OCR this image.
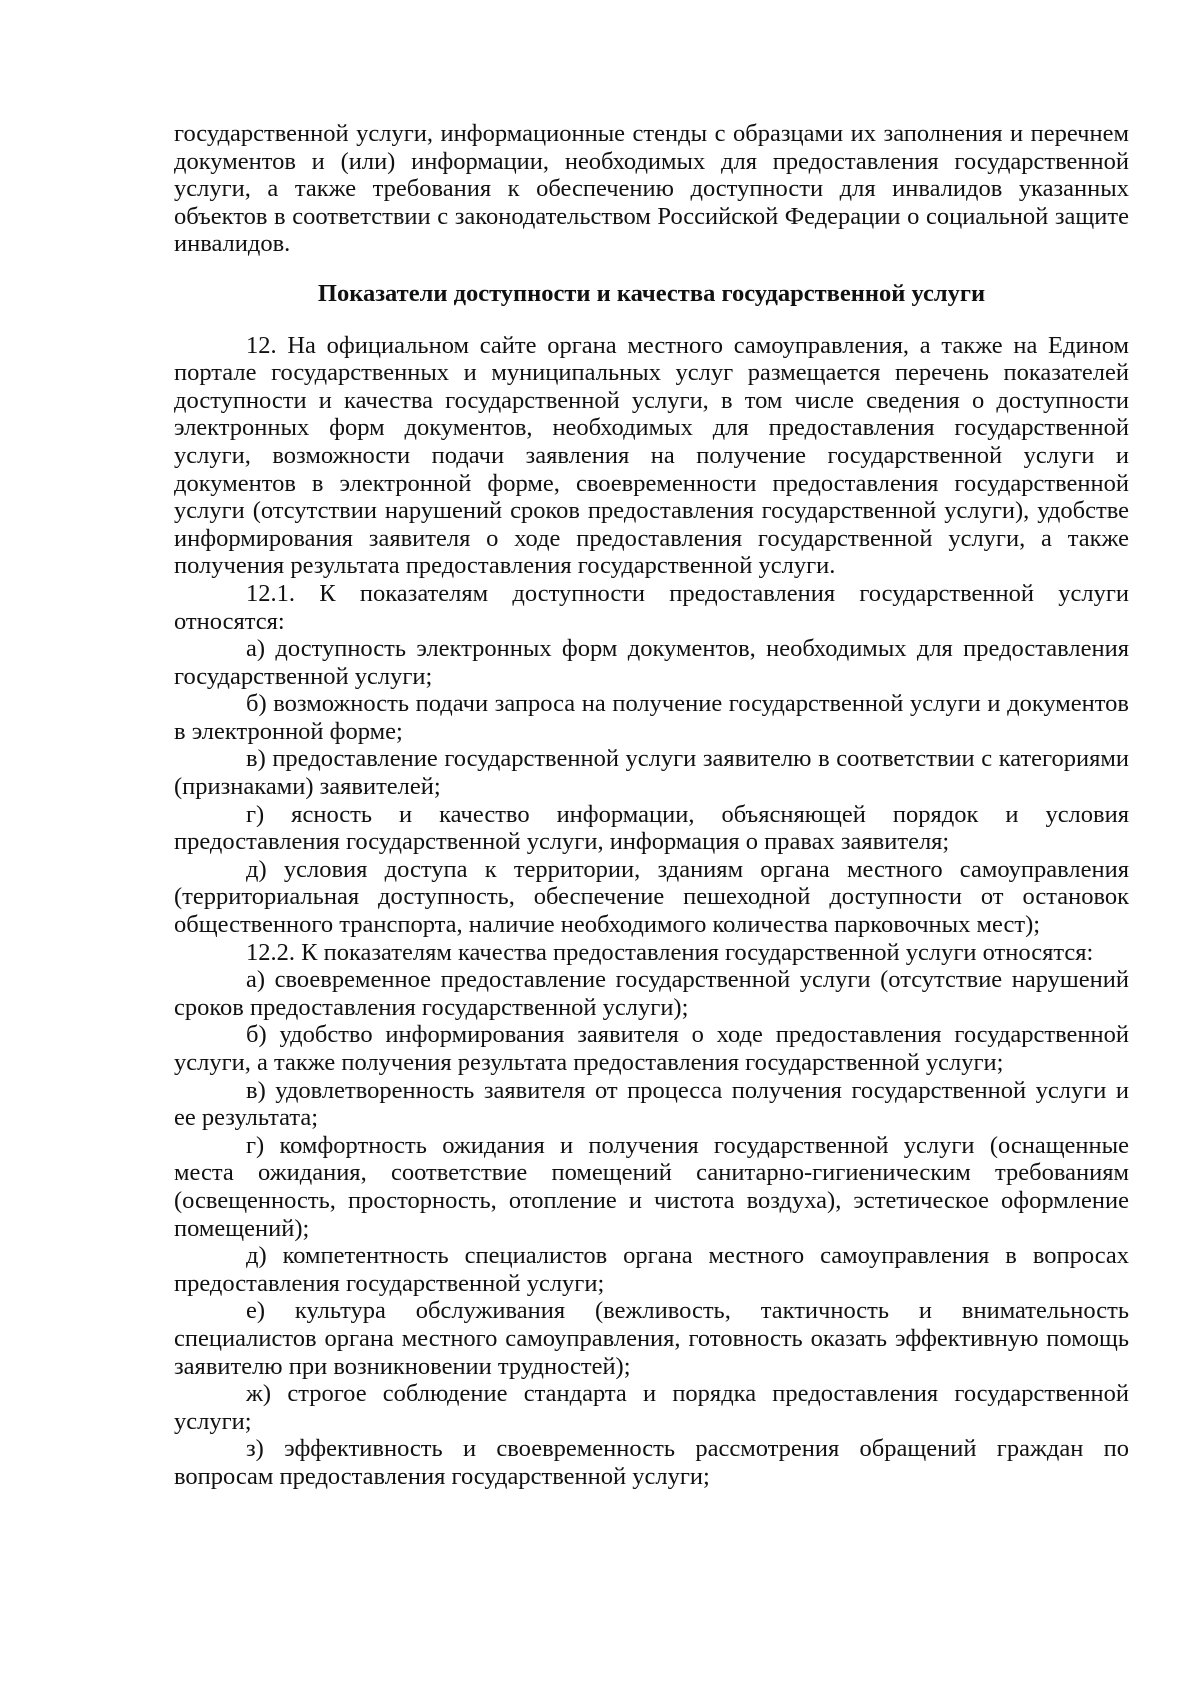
государственной услуги, информационные стенды с образцами их заполнения и перечнем документов и (или) информации, необходимых для предоставления государственной услуги, а также требования к обеспечению доступности для инвалидов указанных объектов в соответствии с законодательством Российской Федерации о социальной защите инвалидов.

Показатели доступности и качества государственной услуги

12. На официальном сайте органа местного самоуправления, а также на Едином портале государственных и муниципальных услуг размещается перечень показателей доступности и качества государственной услуги, в том числе сведения о доступности электронных форм документов, необходимых для предоставления государственной услуги, возможности подачи заявления на получение государственной услуги и документов в электронной форме, своевременности предоставления государственной услуги (отсутствии нарушений сроков предоставления государственной услуги), удобстве информирования заявителя о ходе предоставления государственной услуги, а также получения результата предоставления государственной услуги.

12.1. К показателям доступности предоставления государственной услуги относятся:

а) доступность электронных форм документов, необходимых для предоставления государственной услуги;

б) возможность подачи запроса на получение государственной услуги и документов в электронной форме;

в) предоставление государственной услуги заявителю в соответствии с категориями (признаками) заявителей;

г) ясность и качество информации, объясняющей порядок и условия предоставления государственной услуги, информация о правах заявителя;

д) условия доступа к территории, зданиям органа местного самоуправления (территориальная доступность, обеспечение пешеходной доступности от остановок общественного транспорта, наличие необходимого количества парковочных мест);

12.2. К показателям качества предоставления государственной услуги относятся:

а) своевременное предоставление государственной услуги (отсутствие нарушений сроков предоставления государственной услуги);

б) удобство информирования заявителя о ходе предоставления государственной услуги, а также получения результата предоставления государственной услуги;

в) удовлетворенность заявителя от процесса получения государственной услуги и ее результата;

г) комфортность ожидания и получения государственной услуги (оснащенные места ожидания, соответствие помещений санитарно-гигиеническим требованиям (освещенность, просторность, отопление и чистота воздуха), эстетическое оформление помещений);

д) компетентность специалистов органа местного самоуправления в вопросах предоставления государственной услуги;

е) культура обслуживания (вежливость, тактичность и внимательность специалистов органа местного самоуправления, готовность оказать эффективную помощь заявителю при возникновении трудностей);

ж) строгое соблюдение стандарта и порядка предоставления государственной услуги;

з) эффективность и своевременность рассмотрения обращений граждан по вопросам предоставления государственной услуги;
